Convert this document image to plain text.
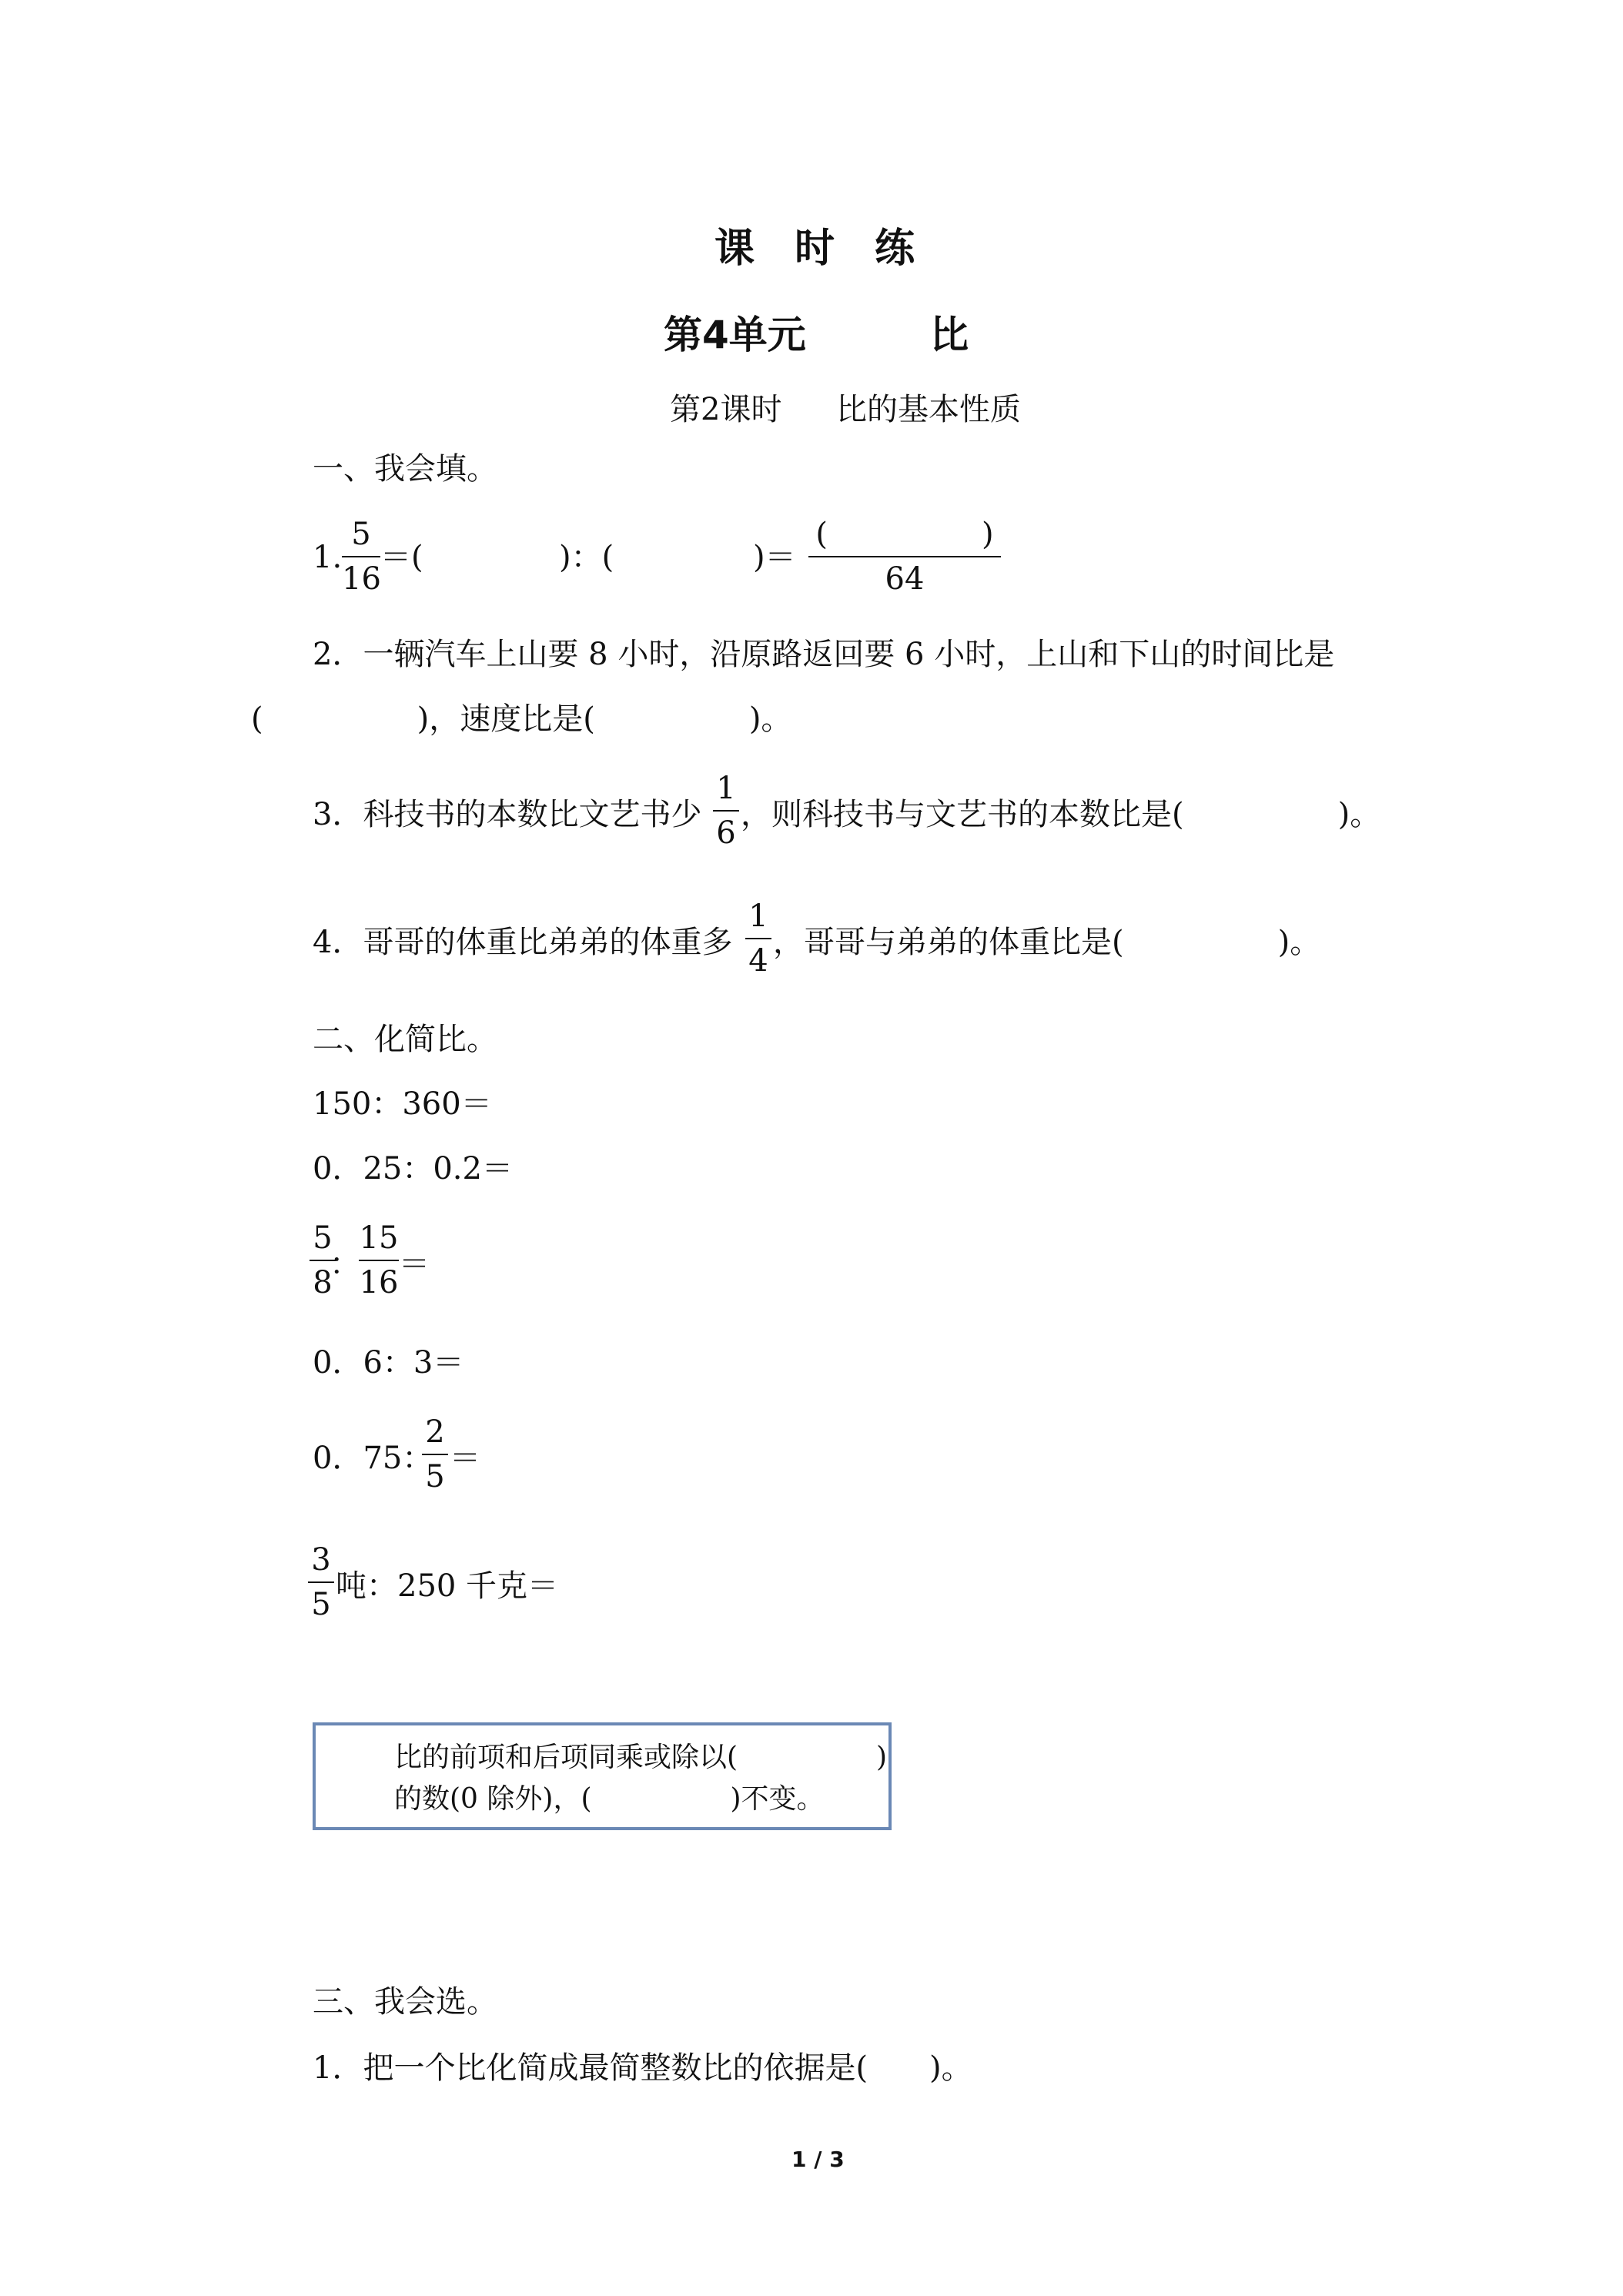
课时练
第4单元	比
第2课时 比的基本性质
一、我会填。
1.
5
16
＝(	)：(	)＝
(　　　　　)
64
2．一辆汽车上山要 8 小时，沿原路返回要 6 小时，上山和下山的时间比是
(　　　　　)，速度比是(　　　　　)。
3．科技书的本数比文艺书少
1
6
，则科技书与文艺书的本数比是(　　　　　)。
4．哥哥的体重比弟弟的体重多
1
4
，哥哥与弟弟的体重比是(　　　　　)。
二、化简比。
150：360＝
0．25：0.2＝
5
8
：
15
16
＝
0．6：3＝
0．75：
2
5
＝
3
5
吨：250 千克＝
比的前项和后项同乘或除以(　　　　　)
的数(0 除外)，(　　　　　)不变。
三、我会选。
1．把一个比化简成最简整数比的依据是(　　)。
1 / 3
